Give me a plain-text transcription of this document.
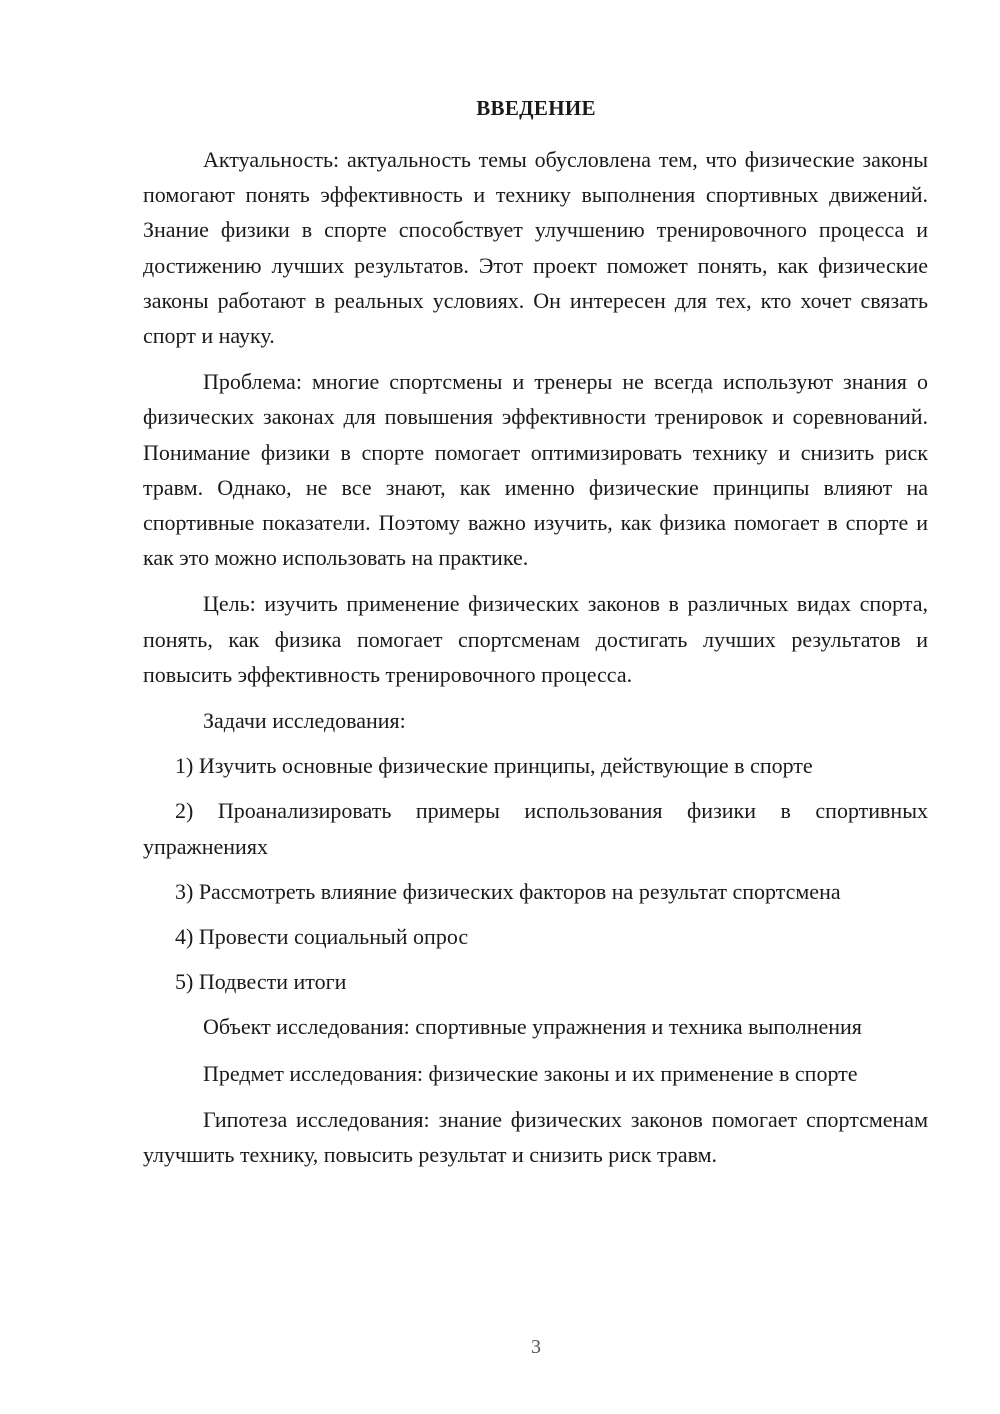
ВВЕДЕНИЕ

Актуальность: актуальность темы обусловлена тем, что физические законы помогают понять эффективность и технику выполнения спортивных движений. Знание физики в спорте способствует улучшению тренировочного процесса и достижению лучших результатов. Этот проект поможет понять, как физические законы работают в реальных условиях. Он интересен для тех, кто хочет связать спорт и науку.

Проблема: многие спортсмены и тренеры не всегда используют знания о физических законах для повышения эффективности тренировок и соревнований. Понимание физики в спорте помогает оптимизировать технику и снизить риск травм. Однако, не все знают, как именно физические принципы влияют на спортивные показатели. Поэтому важно изучить, как физика помогает в спорте и как это можно использовать на практике.

Цель: изучить применение физических законов в различных видах спорта, понять, как физика помогает спортсменам достигать лучших результатов и повысить эффективность тренировочного процесса.

Задачи исследования:

1) Изучить основные физические принципы, действующие в спорте

2) Проанализировать примеры использования физики в спортивных упражнениях

3) Рассмотреть влияние физических факторов на результат спортсмена

4) Провести социальный опрос

5) Подвести итоги

Объект исследования: спортивные упражнения и техника выполнения

Предмет исследования: физические законы и их применение в спорте

Гипотеза исследования: знание физических законов помогает спортсменам улучшить технику, повысить результат и снизить риск травм.

3
